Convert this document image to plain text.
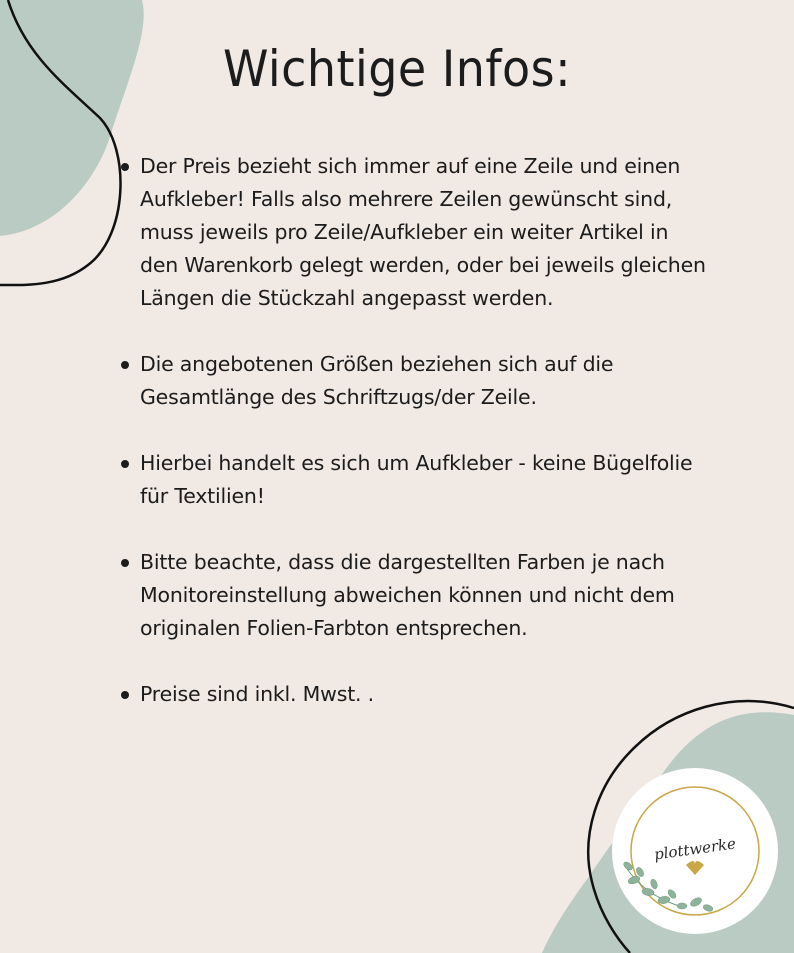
Wichtige Infos:
Der Preis bezieht sich immer auf eine Zeile und einen Aufkleber! Falls also mehrere Zeilen gewünscht sind, muss jeweils pro Zeile/Aufkleber ein weiter Artikel in den Warenkorb gelegt werden, oder bei jeweils gleichen Längen die Stückzahl angepasst werden.
Die angebotenen Größen beziehen sich auf die Gesamtlänge des Schriftzugs/der Zeile.
Hierbei handelt es sich um Aufkleber - keine Bügelfolie für Textilien!
Bitte beachte, dass die dargestellten Farben je nach Monitoreinstellung abweichen können und nicht dem originalen Folien-Farbton entsprechen.
Preise sind inkl. Mwst. .
plottwerke
